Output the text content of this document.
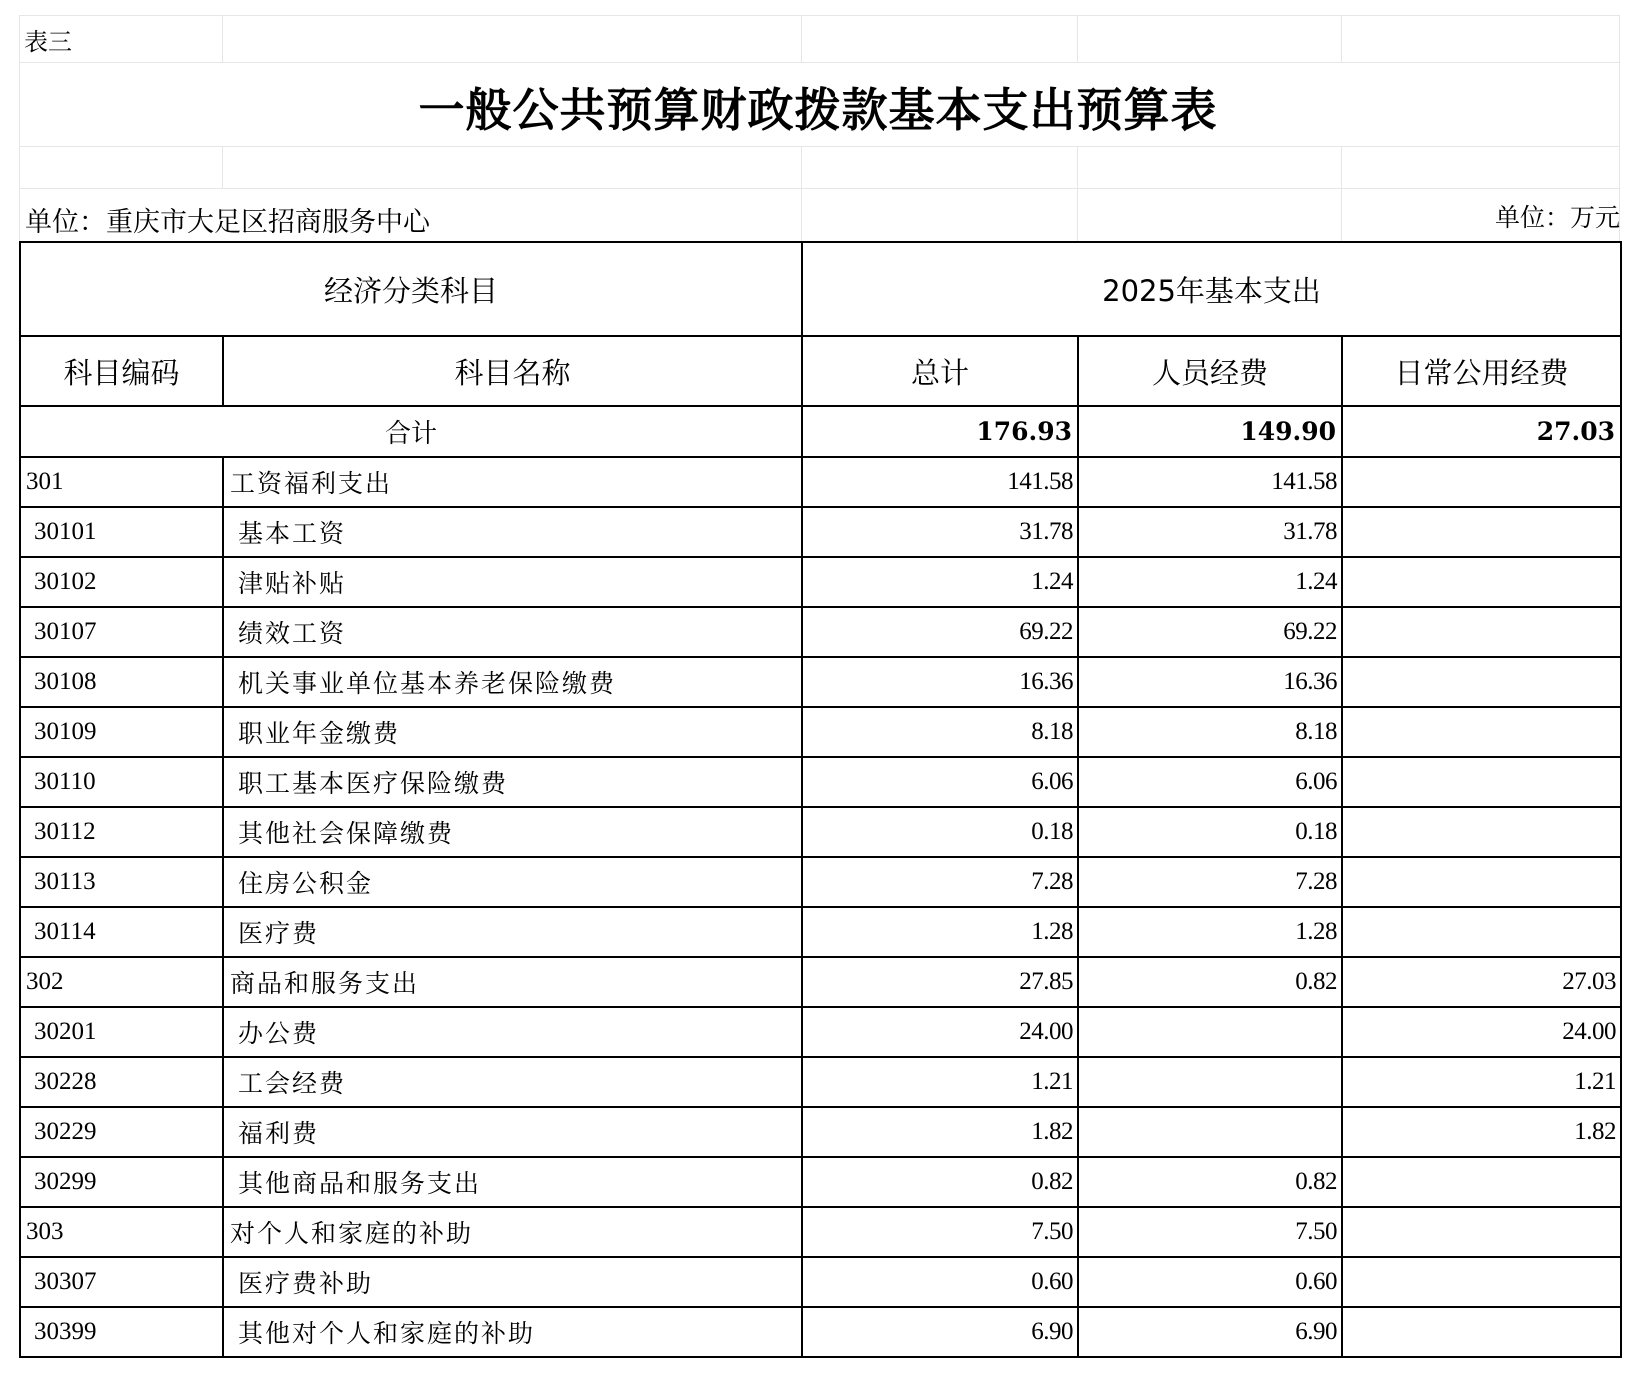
表三
一般公共预算财政拨款基本支出预算表
单位：重庆市大足区招商服务中心	单位：万元
经济分类科目		2025年基本支出		
科目编码	科目名称	总计	人员经费	日常公用经费
合计		176.93	149.90	27.03
301	工资福利支出	141.58	141.58	
30101	基本工资	31.78	31.78	
30102	津贴补贴	1.24	1.24	
30107	绩效工资	69.22	69.22	
30108	机关事业单位基本养老保险缴费	16.36	16.36	
30109	职业年金缴费	8.18	8.18	
30110	职工基本医疗保险缴费	6.06	6.06	
30112	其他社会保障缴费	0.18	0.18	
30113	住房公积金	7.28	7.28	
30114	医疗费	1.28	1.28	
302	商品和服务支出	27.85	0.82	27.03
30201	办公费	24.00		24.00
30228	工会经费	1.21		1.21
30229	福利费	1.82		1.82
30299	其他商品和服务支出	0.82	0.82	
303	对个人和家庭的补助	7.50	7.50	
30307	医疗费补助	0.60	0.60	
30399	其他对个人和家庭的补助	6.90	6.90	
